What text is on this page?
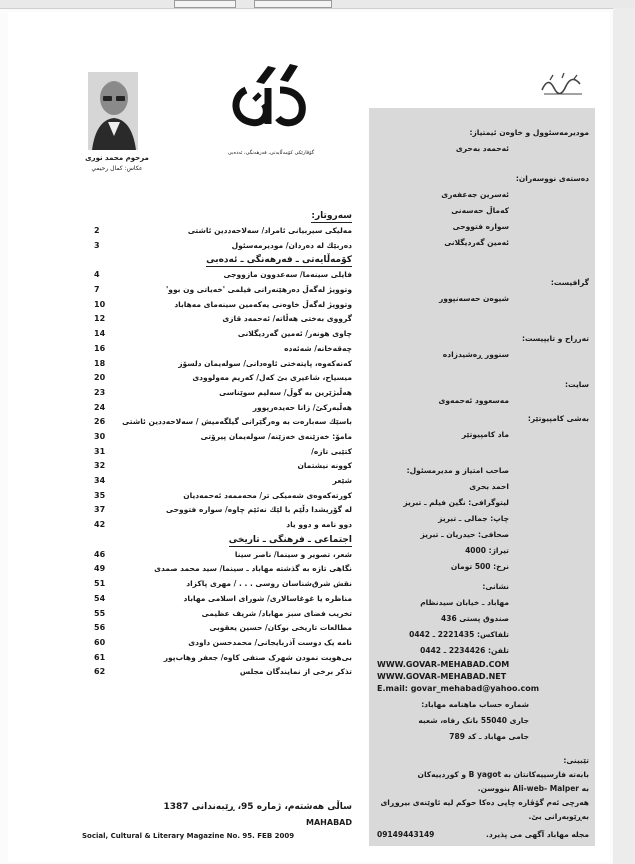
گۆڤارێكی كۆمەڵایەتی، فەرهەنگی، ئەدەبی
مرحوم محمد نوری
عكاس: كمال رحيمي
سەروتار:
مەلیكی سیربیانی ئامراد/ سەلاحەددین ئاشتی
2
دەربێك لە دەردان/ مودیرمەسئول
3
كۆمەڵایەتی ـ فەرهەنگی ـ ئەدەبی
فایلی سینەما/ سەعدوون مازووجی
4
وتوویژ لەگەڵ دەرهێنەرانی فیلمی 'خەیاتی ون بوو'
7
وتوویژ لەگەڵ خاوەنی یەكەمین سینەمای مەهاباد
10
گرووی بەختی ھەڵاتە/ ئەحمەد قازی
12
چاوی هونەر/ ئەمین گەردیگلانی
14
چەقەخانە/ شەئەدە
16
كەنەكەوە، پایتەختی ئاوەدانی/ سولەیمان دلسۆز
18
میسیاح، شاعیری بێ كەل/ كەریم مەولوودی
20
هەڵبژێرین بە گوڵ/ سەلیم سوێناسی
23
هەڵبەركێ/ زانا حەیدەرپوور
24
باسێك سەبارەت بە وەرگێرانی گیلگەمیش / سەلاحەددین ئاشتی
26
مامۆ: خەزێنەی خەزێنە/ سولەیمان پیرۆتی
30
كتێبی تازە/
31
كوونە نیشتمان
32
شێعر
34
كورتەكەوەی شەمیكی تر/ محەممەد ئەحمەدیان
35
لە گۆریشدا دڵێم با لێك نەئێم چاوە/ سوارە فتووحی
37
دوو نامە و دوو یاد
42
اجتماعی ـ فرهنگی ـ تاریخی
شعر، تصویر و سینما/ ناصر سینا
46
نگاهی تازه به گذشته مهاباد ـ سینما/ سید محمد صمدی
49
نقش شرق‌شناسان روسی . . . / مهری پاکزاد
51
مناظره یا غوغاسالاری/ شورای اسلامی مهاباد
54
تخریب فضای سبز مهاباد/ شریف عظیمی
55
مطالعات تاریخی بوکان/ حسین یعقوبی
56
نامه یک دوست آذربایجانی/ محمدحسن داودی
60
بی‌هویت نمودن شهرک صنفی کاوه/ جعفر وهاب‌پور
61
تذکر برخی از نمایندگان مجلس
62
ساڵی هەشتەم، ژمارە 95، ڕێبەندانی 1387
MAHABAD
Social, Cultural & Literary Magazine No. 95. FEB 2009
مودیرمەسئوول و خاوەن ئیمتیاز:
ئەحمەد بەحری
دەستەی نووسەران:
ئەسرین جەعفەری
كەماڵ حەسەنی
سوارە فتووحی
ئەمین گەردیگلانی
گرافیست:
شیوەن حەسەنپوور
تەرراح و تایپیست:
سنوور ڕەشیدزادە
سایت:
مەسعوود ئەحمەوی
بەشی كامپیوتێر:
ماد كامپیوتێر
صاحب امتیاز و مدیرمسئول:
احمد بحری
لیتوگرافی: نگین فیلم ـ تبریز
چاپ: جمالی ـ تبریز
صحافی: حیدریان ـ تبریز
تیراژ: 4000
نرخ: 500 تومان
نشانی:
مهاباد ـ خیابان سیدنظام
صندوق پستی 436
تلفاکس: 2221435 ـ 0442
تلفن: 2234426 ـ 0442
WWW.GOVAR-MEHABAD.COM
WWW.GOVAR-MEHABAD.NET
E.mail: govar_mehabad@yahoo.com
شماره حساب ماهنامه مهاباد:
جاری 55040 بانک رفاه، شعبه
جامی مهاباد ـ کد 789
تێبینی:
بابەتە فارسییەكانتان بە B yagot و كوردییەكان
بە Ali-web- Malper بنووسن.
هەرچی ئەم گۆڤارە چاپی دەكا حوكم لیە ئاوێنەی بیروڕای
بەڕێوبەرانی بێ.
مجله مهاباد آگهی می پذیرد.
09149443149
